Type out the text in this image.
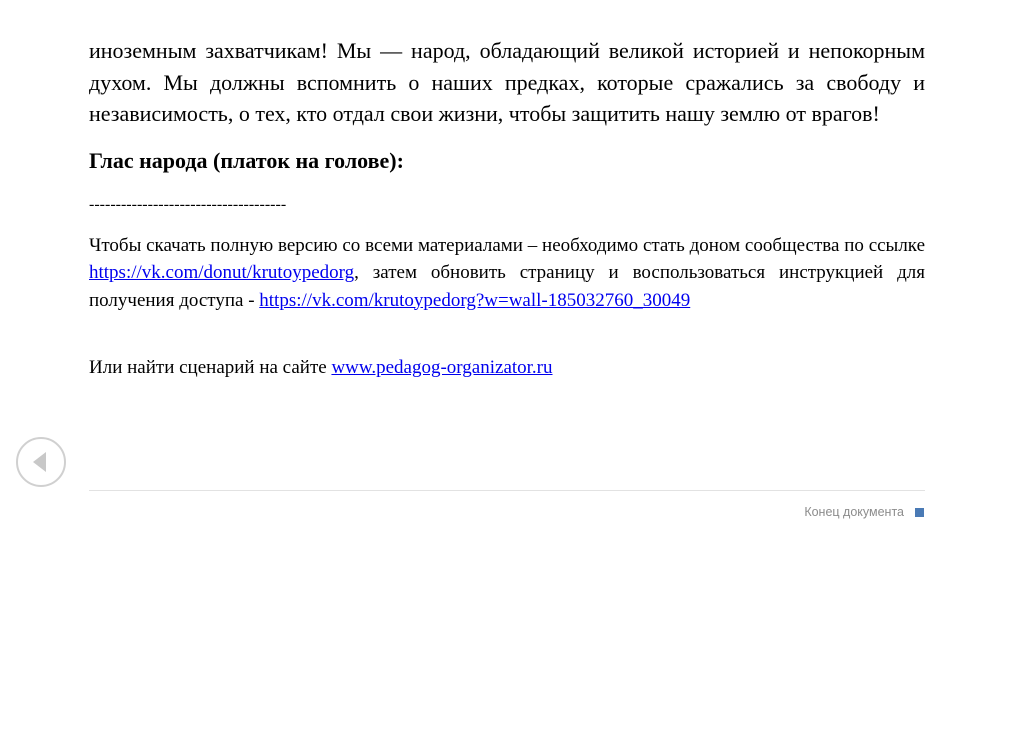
иноземным захватчикам! Мы — народ, обладающий великой историей и непокорным духом. Мы должны вспомнить о наших предках, которые сражались за свободу и независимость, о тех, кто отдал свои жизни, чтобы защитить нашу землю от врагов!

Глас народа (платок на голове):

-------------------------------------

Чтобы скачать полную версию со всеми материалами – необходимо стать доном сообщества по ссылке https://vk.com/donut/krutoypedorg, затем обновить страницу и воспользоваться инструкцией для получения доступа - https://vk.com/krutoypedorg?w=wall-185032760_30049

Или найти сценарий на сайте www.pedagog-organizator.ru

Конец документа
